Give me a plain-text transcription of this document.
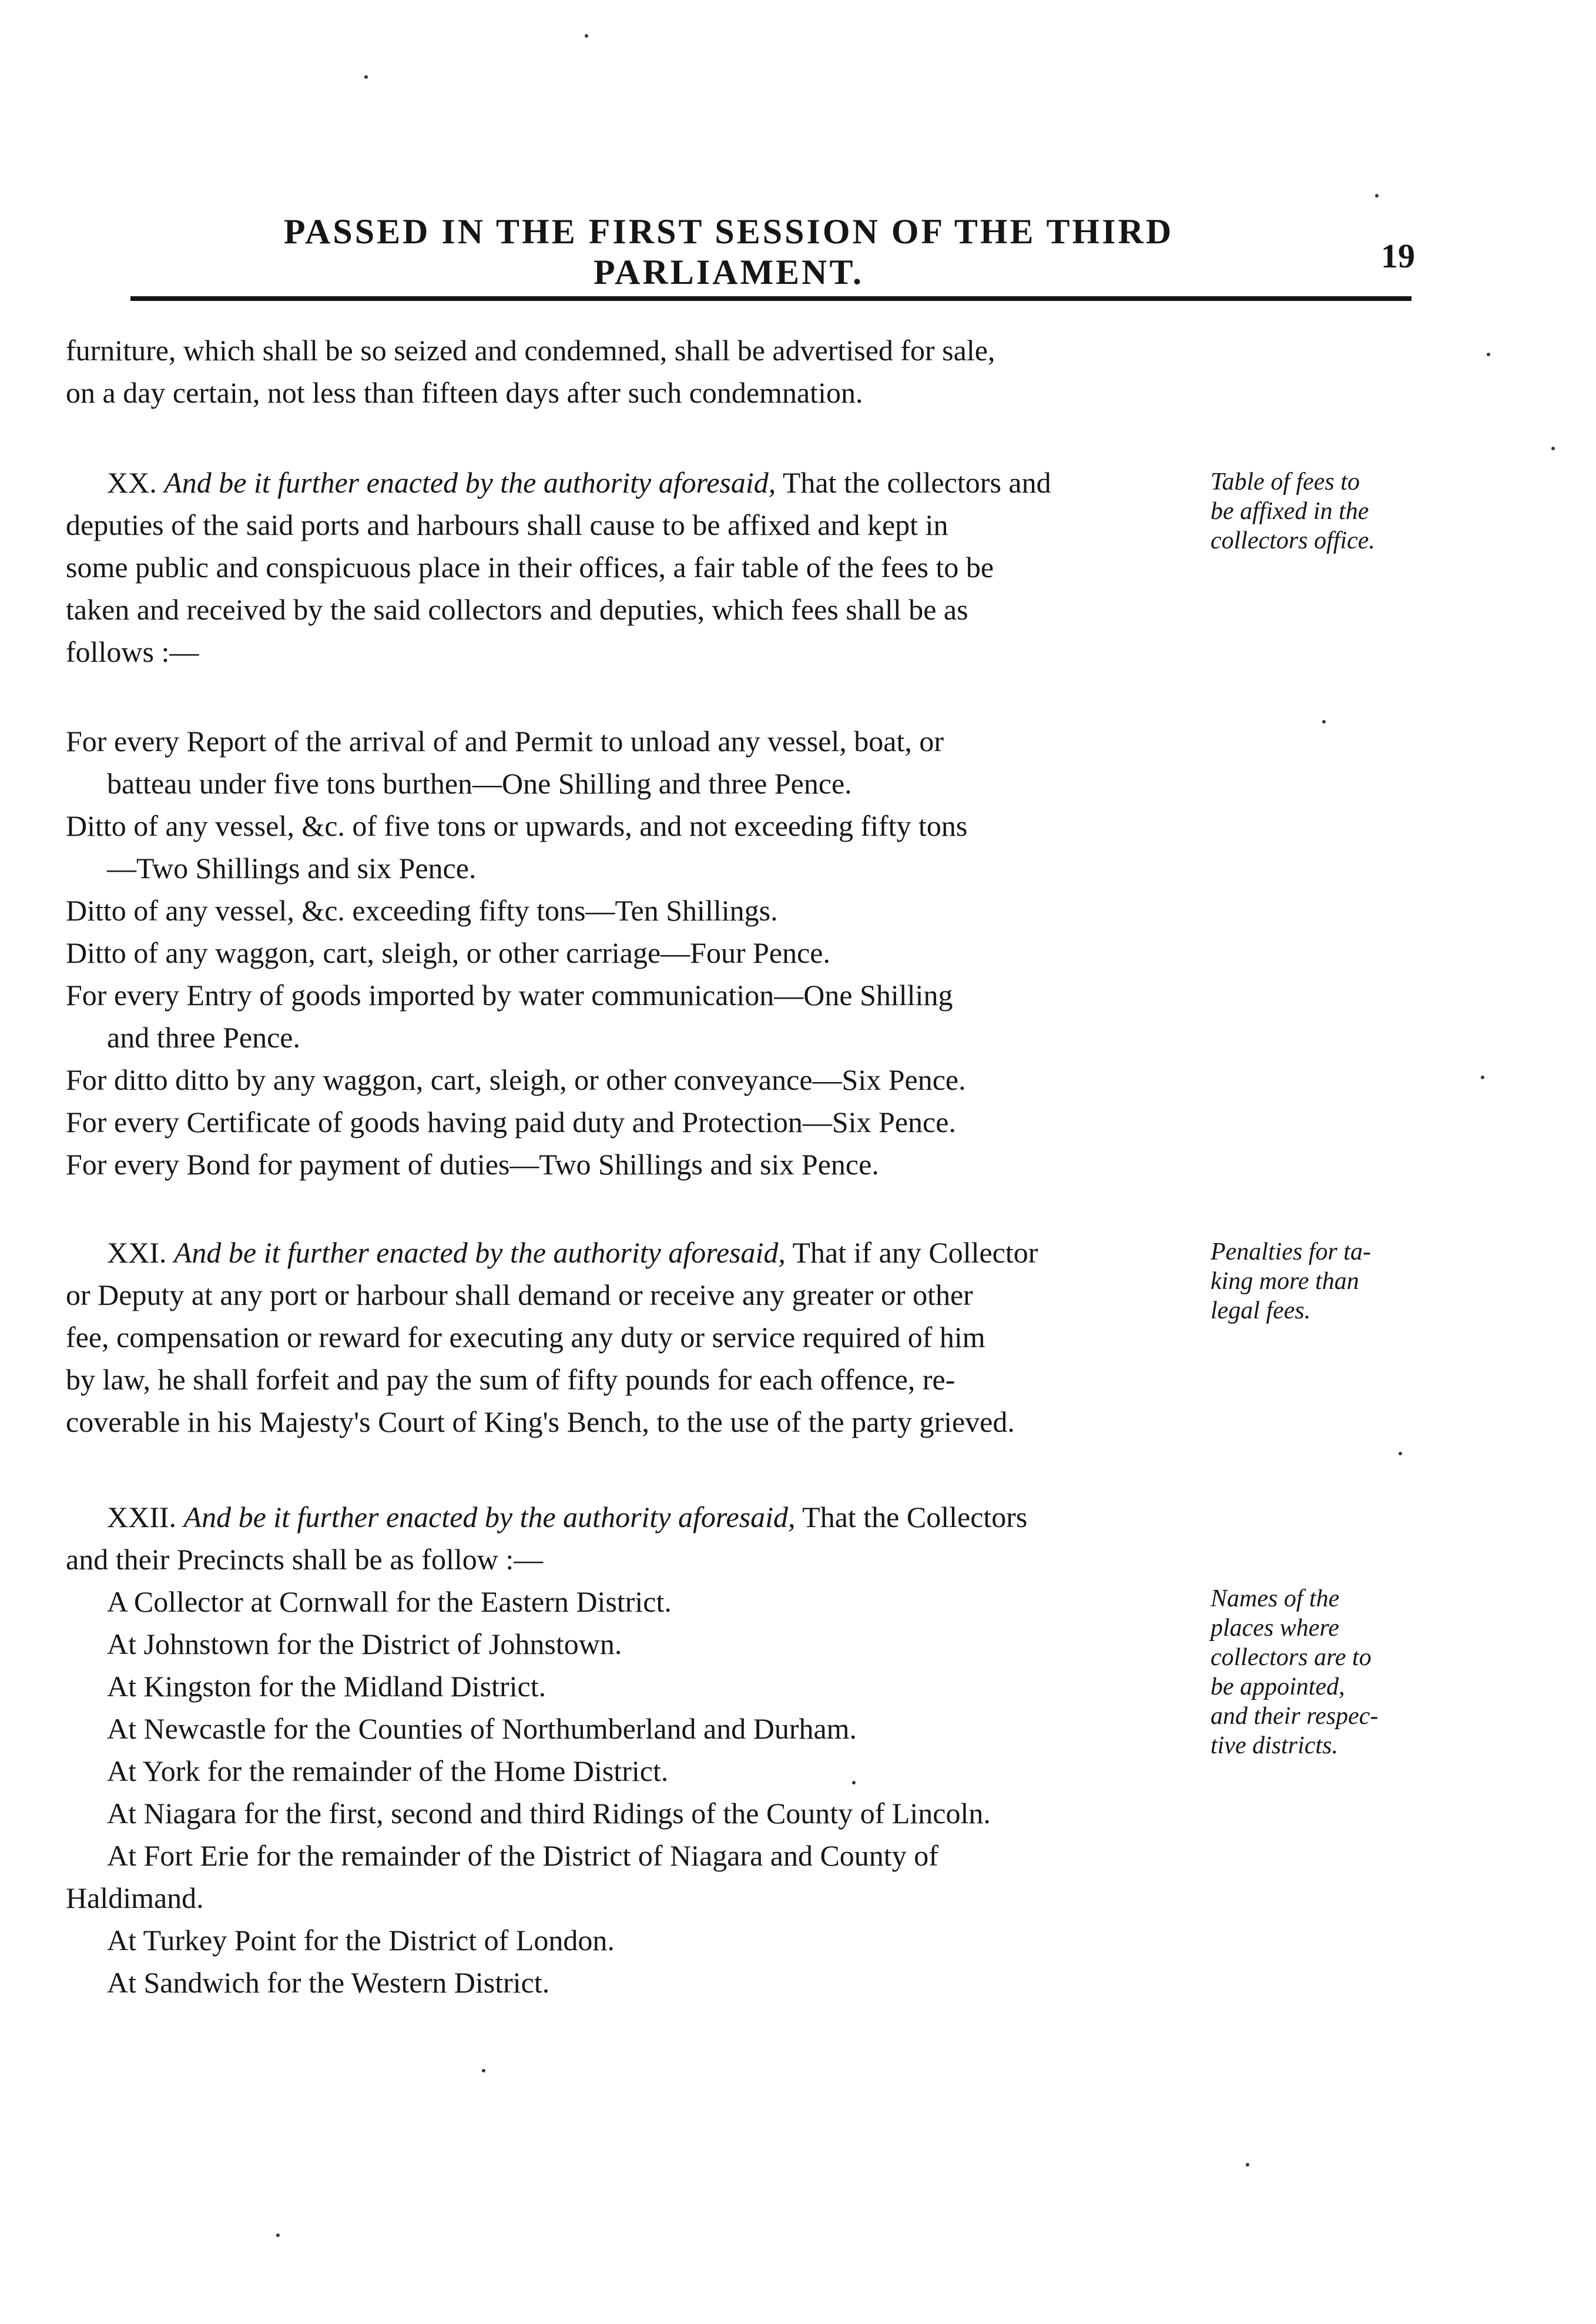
PASSED IN THE FIRST SESSION OF THE THIRD PARLIAMENT.	19
furniture, which shall be so seized and condemned, shall be advertised for sale,
on a day certain, not less than fifteen days after such condemnation.
XX. And be it further enacted by the authority aforesaid, That the collectors and
deputies of the said ports and harbours shall cause to be affixed and kept in
some public and conspicuous place in their offices, a fair table of the fees to be
taken and received by the said collectors and deputies, which fees shall be as
follows :—
For every Report of the arrival of and Permit to unload any vessel, boat, or
batteau under five tons burthen—One Shilling and three Pence.
Ditto of any vessel, &c. of five tons or upwards, and not exceeding fifty tons
—Two Shillings and six Pence.
Ditto of any vessel, &c. exceeding fifty tons—Ten Shillings.
Ditto of any waggon, cart, sleigh, or other carriage—Four Pence.
For every Entry of goods imported by water communication—One Shilling
and three Pence.
For ditto ditto by any waggon, cart, sleigh, or other conveyance—Six Pence.
For every Certificate of goods having paid duty and Protection—Six Pence.
For every Bond for payment of duties—Two Shillings and six Pence.
XXI. And be it further enacted by the authority aforesaid, That if any Collector
or Deputy at any port or harbour shall demand or receive any greater or other
fee, compensation or reward for executing any duty or service required of him
by law, he shall forfeit and pay the sum of fifty pounds for each offence, re-
coverable in his Majesty's Court of King's Bench, to the use of the party grieved.
XXII. And be it further enacted by the authority aforesaid, That the Collectors
and their Precincts shall be as follow :—
A Collector at Cornwall for the Eastern District.
At Johnstown for the District of Johnstown.
At Kingston for the Midland District.
At Newcastle for the Counties of Northumberland and Durham.
At York for the remainder of the Home District.
At Niagara for the first, second and third Ridings of the County of Lincoln.
At Fort Erie for the remainder of the District of Niagara and County of
Haldimand.
At Turkey Point for the District of London.
At Sandwich for the Western District.
Table of fees to
be affixed in the
collectors office.
Penalties for ta-
king more than
legal fees.
Names of the
places where
collectors are to
be appointed,
and their respec-
tive districts.
